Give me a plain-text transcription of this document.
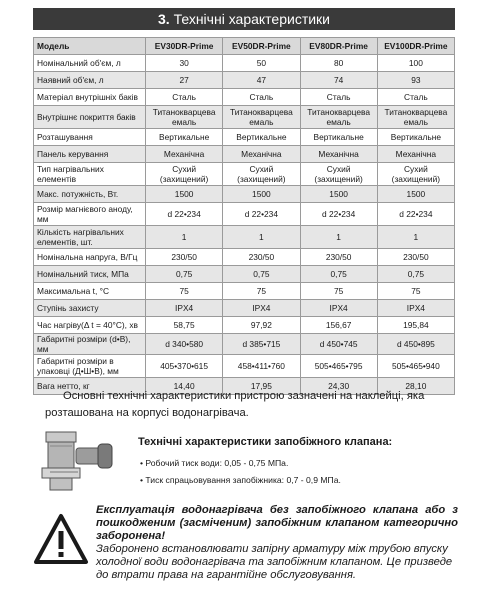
3. Технічні характеристики
Модель	EV30DR-Prime	EV50DR-Prime	EV80DR-Prime	EV100DR-Prime
Номінальний об'єм, л	30	50	80	100
Наявний об'єм, л	27	47	74	93
Матеріал внутрішніх баків	Сталь	Сталь	Сталь	Сталь
Внутрішнє покриття баків	Титанокварцева емаль	Титанокварцева емаль	Титанокварцева емаль	Титанокварцева емаль
Розташування	Вертикальне	Вертикальне	Вертикальне	Вертикальне
Панель керування	Механічна	Механічна	Механічна	Механічна
Тип нагрівальних елементів	Сухий (захищений)	Сухий (захищений)	Сухий (захищений)	Сухий (захищений)
Макс. потужність, Вт.	1500	1500	1500	1500
Розмір магнієвого аноду, мм	d 22•234	d 22•234	d 22•234	d 22•234
Кількість нагрівальних елементів, шт.	1	1	1	1
Номінальна напруга, В/Гц	230/50	230/50	230/50	230/50
Номінальний тиск, МПа	0,75	0,75	0,75	0,75
Максимальна t, °С	75	75	75	75
Ступінь захисту	IPX4	IPX4	IPX4	IPX4
Час нагріву(Δ t = 40°С), хв	58,75	97,92	156,67	195,84
Габаритні розміри (d•В), мм	d 340•580	d 385•715	d 450•745	d 450•895
Габаритні розміри в упаковці (Д•Ш•В), мм	405•370•615	458•411•760	505•465•795	505•465•940
Вага нетто, кг	14,40	17,95	24,30	28,10
Основні технічні характеристики пристрою зазначені на наклейці, яка розташована на корпусі водонагрівача.
Технічні характеристики запобіжного клапана:
• Робочий тиск води: 0,05 - 0,75 МПа.
• Тиск спрацьовування запобіжника: 0,7 - 0,9 МПа.
Експлуатація водонагрівача без запобіжного клапана або з пошкодженим (засміченим) запобіжним клапаном категорично заборонена!
Заборонено встановлювати запірну арматуру між трубою впуску холодної води водонагрівача та запобіжним клапаном. Це призведе до втрати права на гарантійне обслуговування.
